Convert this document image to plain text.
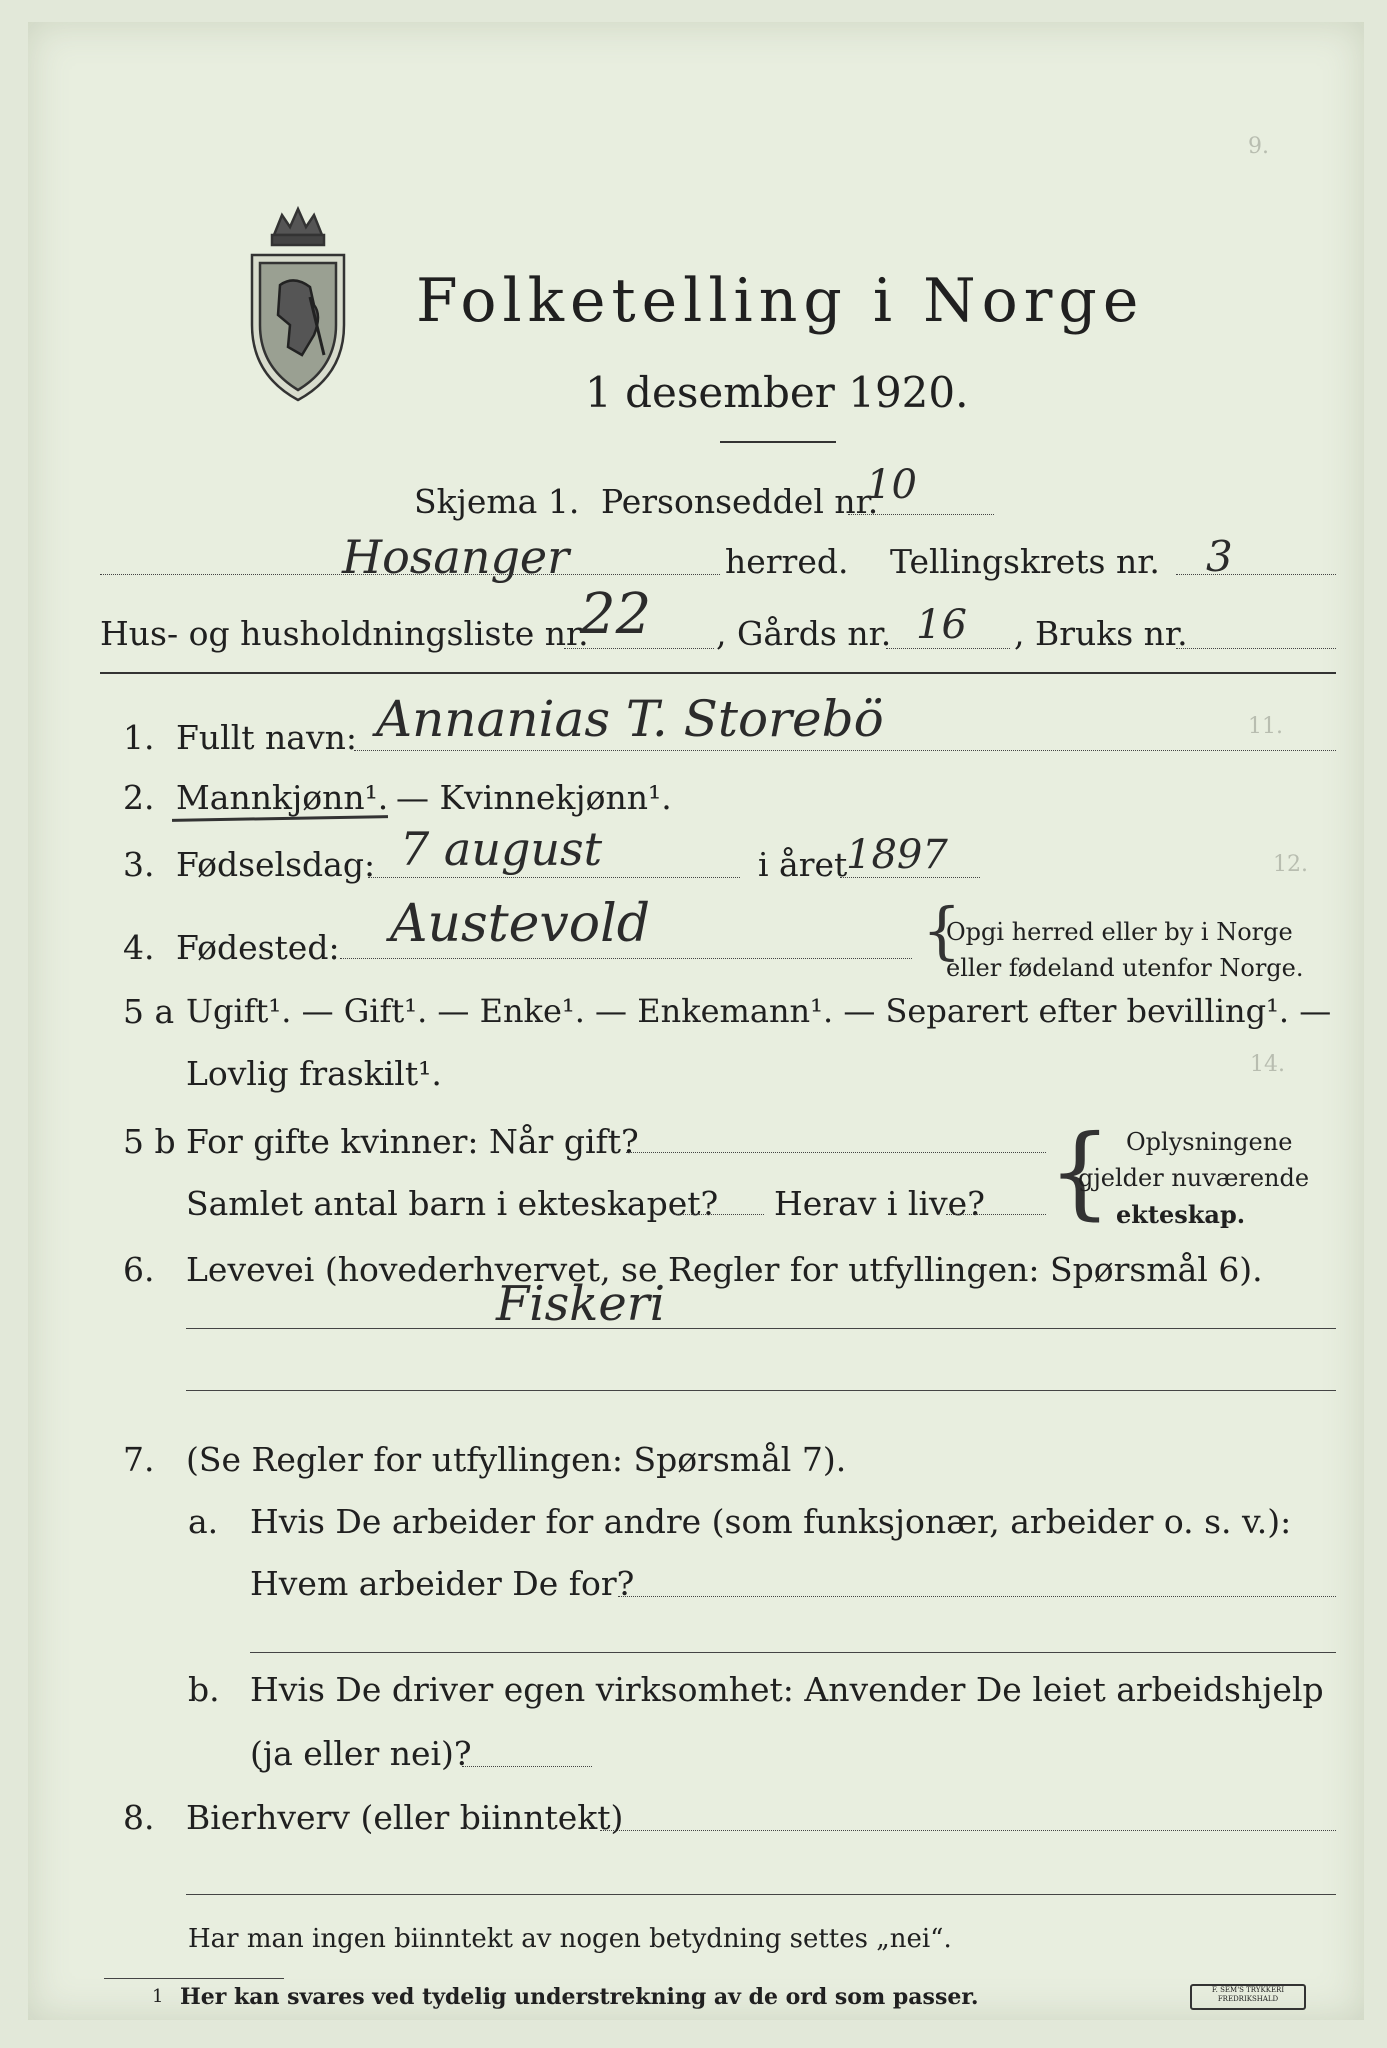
9.
11.
12.
14.
Folketelling i Norge
1 desember 1920.
Skjema 1. Personseddel nr.
10
Hosanger	herred. Tellingskrets nr. 3
Hus- og husholdningsliste nr.
22 , Gårds nr. 16 , Bruks nr.
1. Fullt navn: Annanias T. Storebö
2. Mannkjønn¹. — Kvinnekjønn¹.
3. Fødselsdag: 7 august	i året
1897
4. Fødested: Austevold	{
Opgi herred eller by i Norge
eller fødeland utenfor Norge.
5 a Ugift¹. — Gift¹. — Enke¹. — Enkemann¹. — Separert efter bevilling¹. —
Lovlig fraskilt¹.
5 b For gifte kvinner: Når gift?
Samlet antal barn i ekteskapet? Herav i live? { Oplysningene
gjelder nuværende
ekteskap.
6. Levevei (hovederhvervet, se Regler for utfyllingen: Spørsmål 6).
Fiskeri
7. (Se Regler for utfyllingen: Spørsmål 7).
a. Hvis De arbeider for andre (som funksjonær, arbeider o. s. v.):
Hvem arbeider De for?
b. Hvis De driver egen virksomhet: Anvender De leiet arbeidshjelp
(ja eller nei)?
8. Bierhverv (eller biinntekt)
Har man ingen biinntekt av nogen betydning settes „nei“.
1 Her kan svares ved tydelig understrekning av de ord som passer.	F. SEM'S TRYKKERI
FREDRIKSHALD
